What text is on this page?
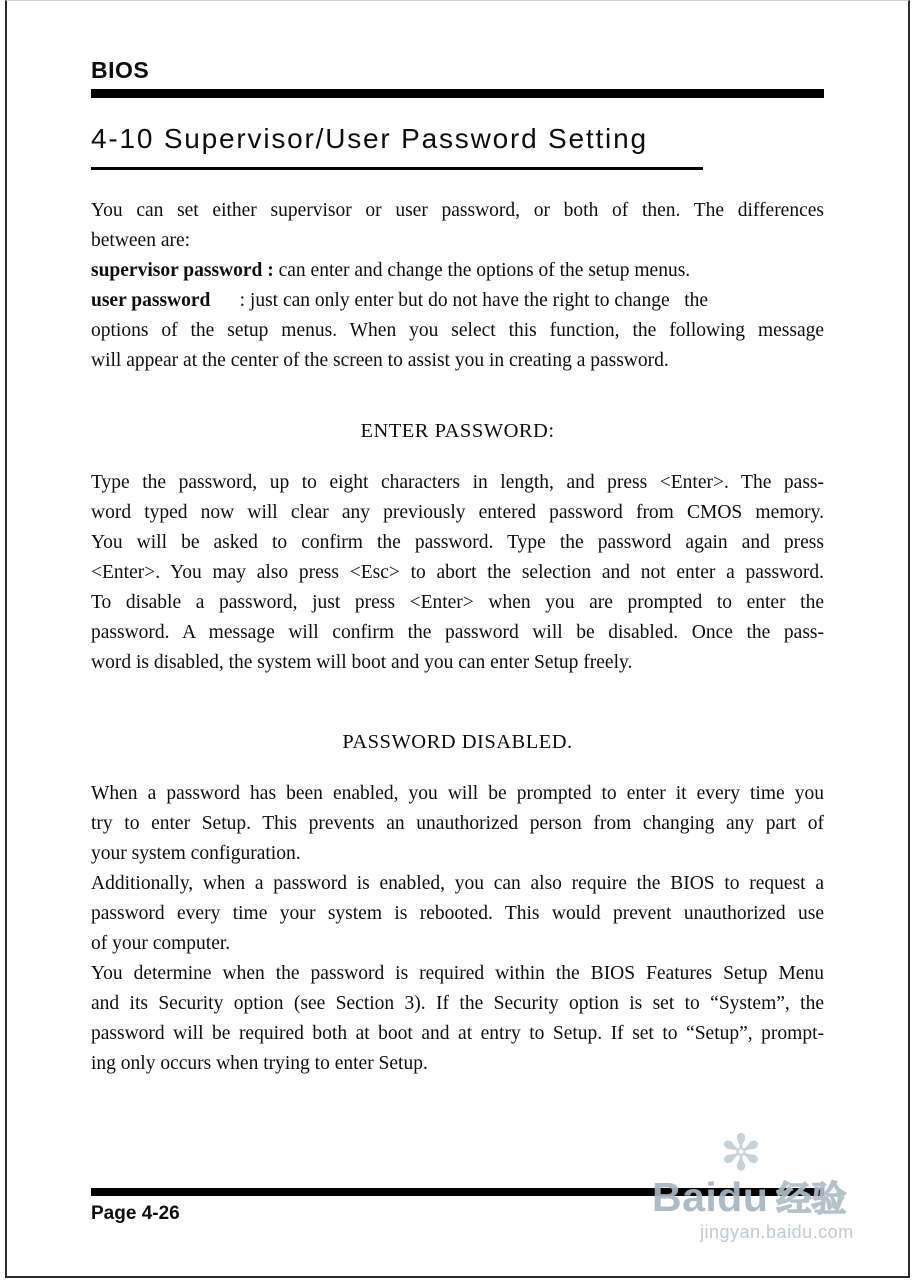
BIOS
4-10 Supervisor/User Password Setting
You can set either supervisor or user password, or both of then. The differences
between are:
supervisor password : can enter and change the options of the setup menus.
user password      : just can only enter but do not have the right to change   the
options of the setup menus. When you select this function, the following message
will appear at the center of the screen to assist you in creating a password.
ENTER PASSWORD:
Type the password, up to eight characters in length, and press <Enter>. The pass-
word typed now will clear any previously entered password from CMOS memory.
You will be asked to confirm the password. Type the password again and press
<Enter>. You may also press <Esc> to abort the selection and not enter a password.
To disable a password, just press <Enter> when you are prompted to enter the
password. A message will confirm the password will be disabled. Once the pass-
word is disabled, the system will boot and you can enter Setup freely.
PASSWORD DISABLED.
When a password has been enabled, you will be prompted to enter it every time you
try to enter Setup. This prevents an unauthorized person from changing any part of
your system configuration.
Additionally, when a password is enabled, you can also require the BIOS to request a
password every time your system is rebooted. This would prevent unauthorized use
of your computer.
You determine when the password is required within the BIOS Features Setup Menu
and its Security option (see Section 3). If the Security option is set to “System”, the
password will be required both at boot and at entry to Setup. If set to “Setup”, prompt-
ing only occurs when trying to enter Setup.
Page 4-26
✼
Baidu 经验
jingyan.baidu.com
